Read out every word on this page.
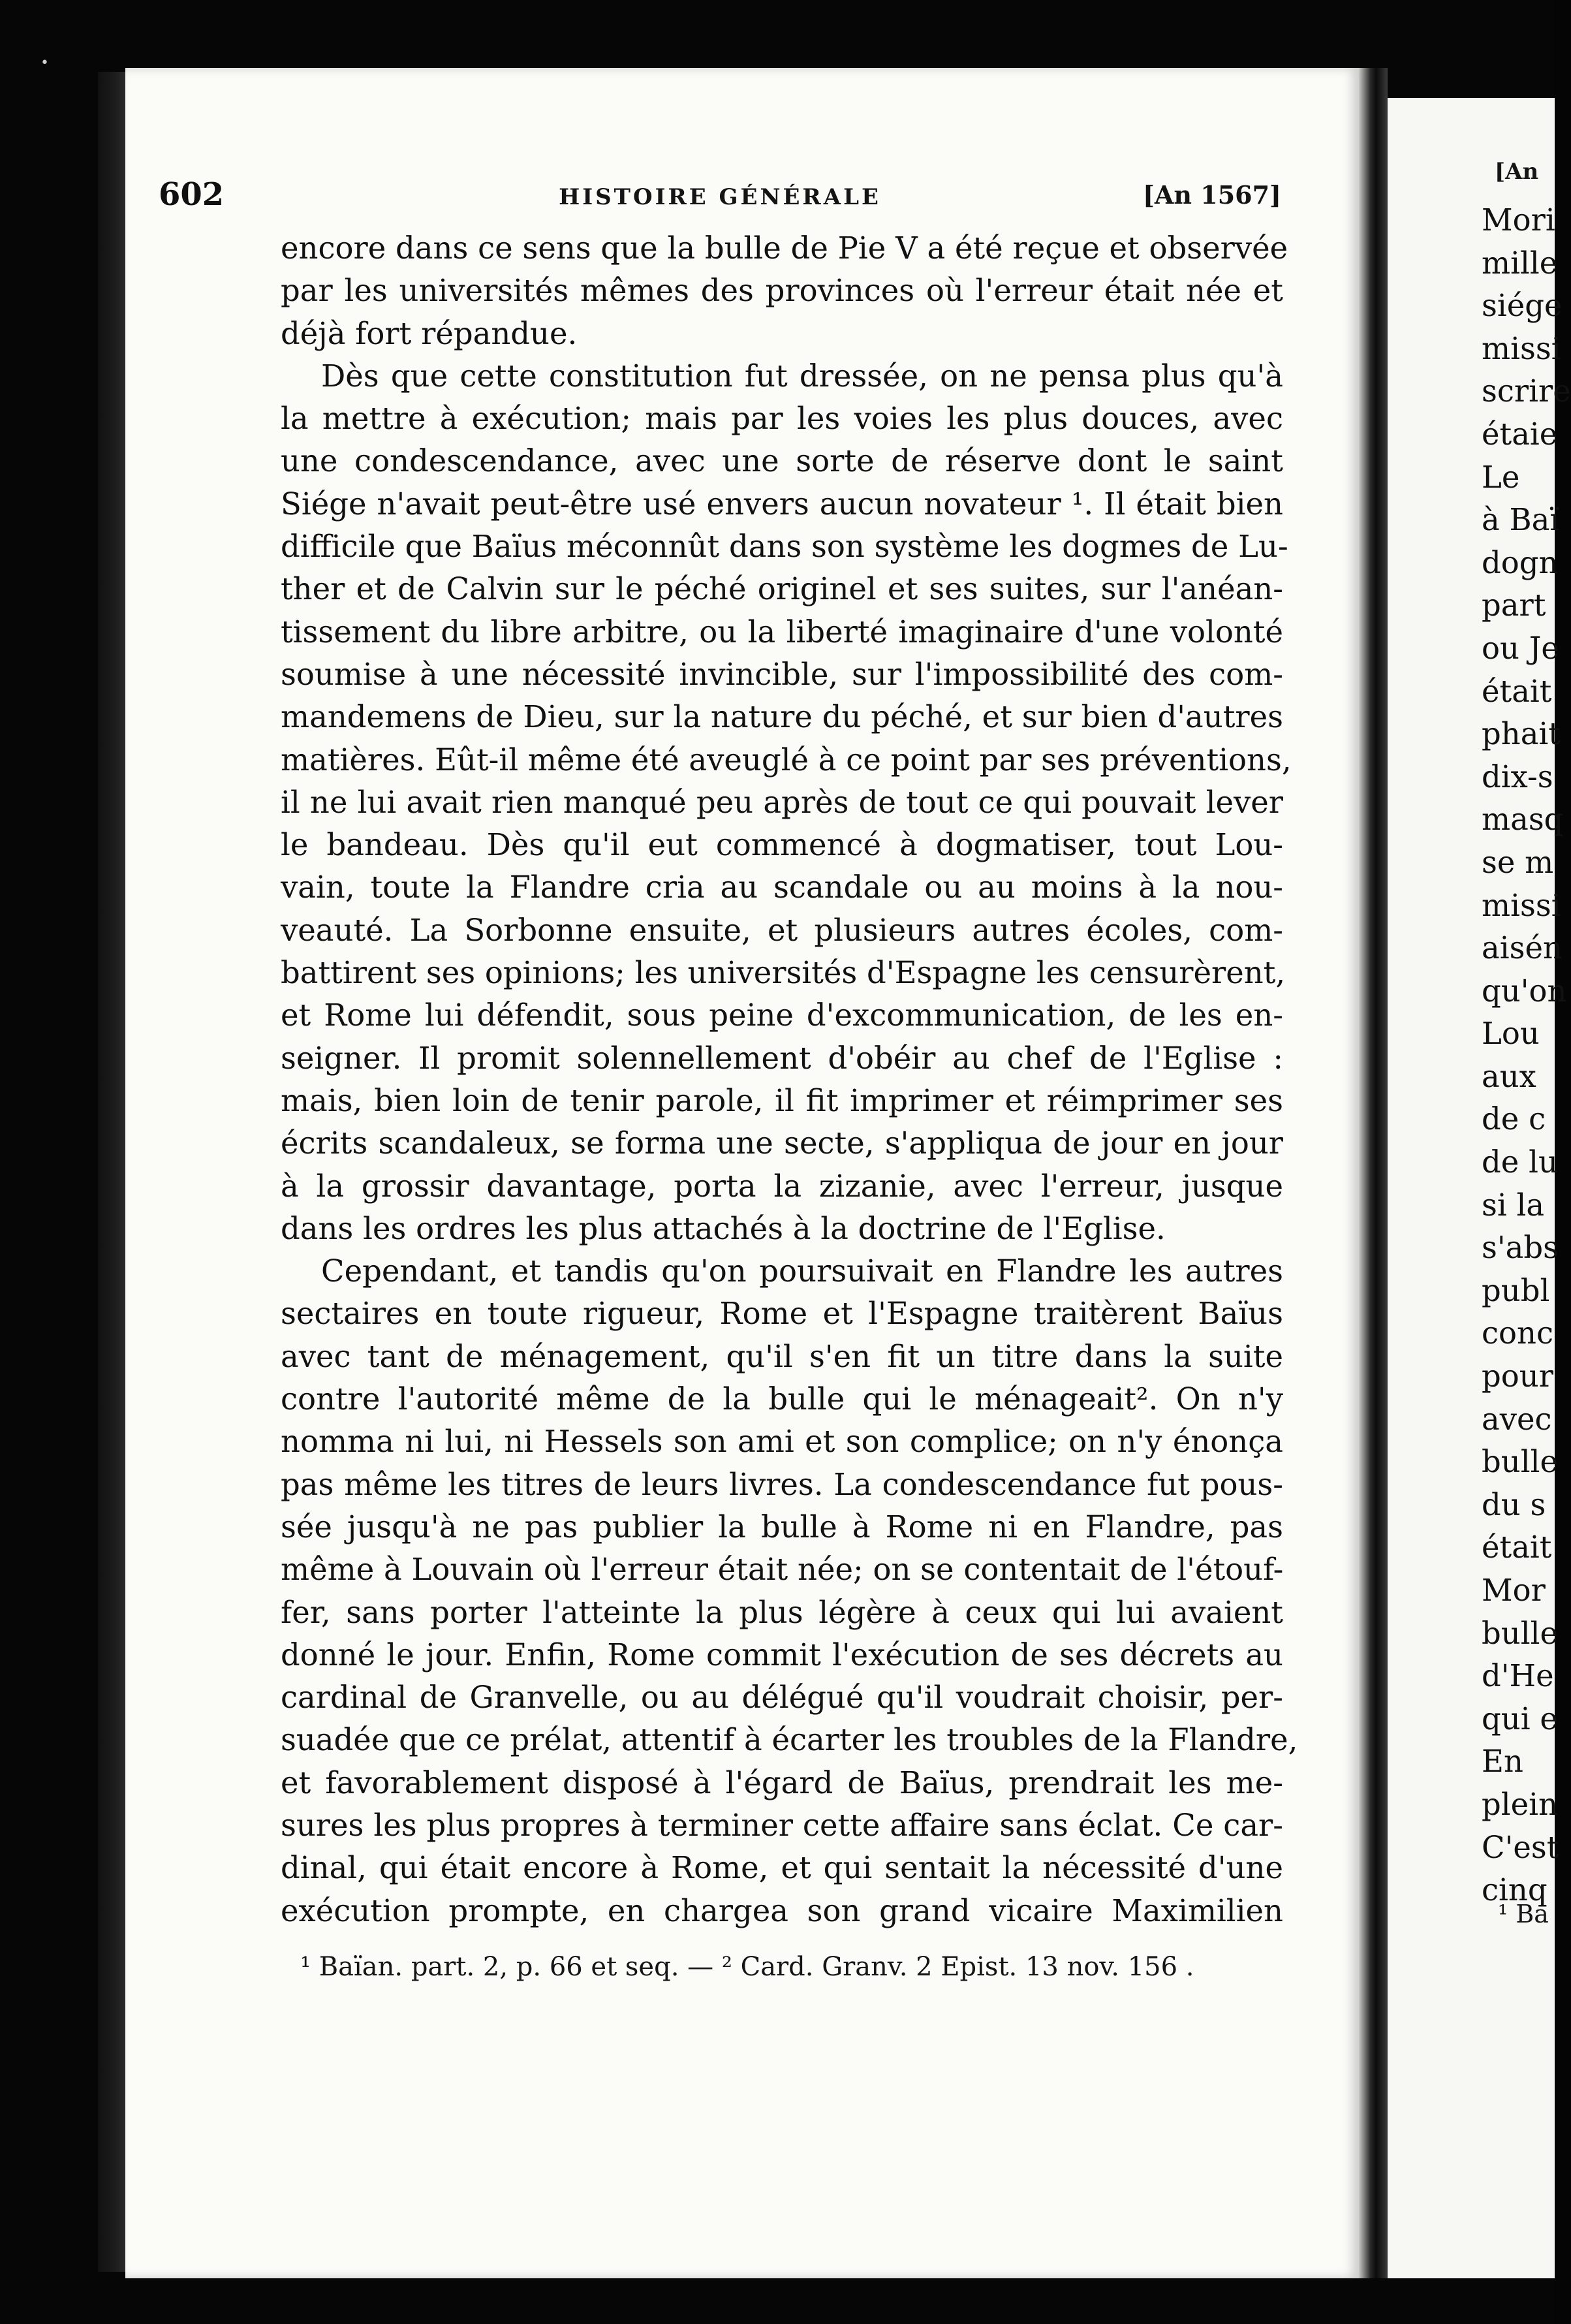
•
602	HISTOIRE GÉNÉRALE	[An 1567]
encore dans ce sens que la bulle de Pie V a été reçue et observée
par les universités mêmes des provinces où l'erreur était née et
déjà fort répandue.
Dès que cette constitution fut dressée, on ne pensa plus qu'à
la mettre à exécution; mais par les voies les plus douces, avec
une condescendance, avec une sorte de réserve dont le saint
Siége n'avait peut-être usé envers aucun novateur ¹. Il était bien
difficile que Baïus méconnût dans son système les dogmes de Lu-
ther et de Calvin sur le péché originel et ses suites, sur l'anéan-
tissement du libre arbitre, ou la liberté imaginaire d'une volonté
soumise à une nécessité invincible, sur l'impossibilité des com-
mandemens de Dieu, sur la nature du péché, et sur bien d'autres
matières. Eût-il même été aveuglé à ce point par ses préventions,
il ne lui avait rien manqué peu après de tout ce qui pouvait lever
le bandeau. Dès qu'il eut commencé à dogmatiser, tout Lou-
vain, toute la Flandre cria au scandale ou au moins à la nou-
veauté. La Sorbonne ensuite, et plusieurs autres écoles, com-
battirent ses opinions; les universités d'Espagne les censurèrent,
et Rome lui défendit, sous peine d'excommunication, de les en-
seigner. Il promit solennellement d'obéir au chef de l'Eglise :
mais, bien loin de tenir parole, il fit imprimer et réimprimer ses
écrits scandaleux, se forma une secte, s'appliqua de jour en jour
à la grossir davantage, porta la zizanie, avec l'erreur, jusque
dans les ordres les plus attachés à la doctrine de l'Eglise.
Cependant, et tandis qu'on poursuivait en Flandre les autres
sectaires en toute rigueur, Rome et l'Espagne traitèrent Baïus
avec tant de ménagement, qu'il s'en fit un titre dans la suite
contre l'autorité même de la bulle qui le ménageait². On n'y
nomma ni lui, ni Hessels son ami et son complice; on n'y énonça
pas même les titres de leurs livres. La condescendance fut pous-
sée jusqu'à ne pas publier la bulle à Rome ni en Flandre, pas
même à Louvain où l'erreur était née; on se contentait de l'étouf-
fer, sans porter l'atteinte la plus légère à ceux qui lui avaient
donné le jour. Enfin, Rome commit l'exécution de ses décrets au
cardinal de Granvelle, ou au délégué qu'il voudrait choisir, per-
suadée que ce prélat, attentif à écarter les troubles de la Flandre,
et favorablement disposé à l'égard de Baïus, prendrait les me-
sures les plus propres à terminer cette affaire sans éclat. Ce car-
dinal, qui était encore à Rome, et qui sentait la nécessité d'une
exécution prompte, en chargea son grand vicaire Maximilien
¹ Baïan. part. 2, p. 66 et seq. — ² Card. Granv. 2 Epist. 13 nov. 156 .
[An
Mori
mille
siége
missi
scrire
étaie
Le
à Baï
dogn
part
ou Je
était
phait
dix-s
masq
se m
missi
aisén
qu'on
Lou
aux
de c
de lu
si la
s'abs
publ
conc
pour
avec
bulle
du s
était
Mor
bulle
d'He
qui e
En
plein
C'est
cinq
¹ Ba
